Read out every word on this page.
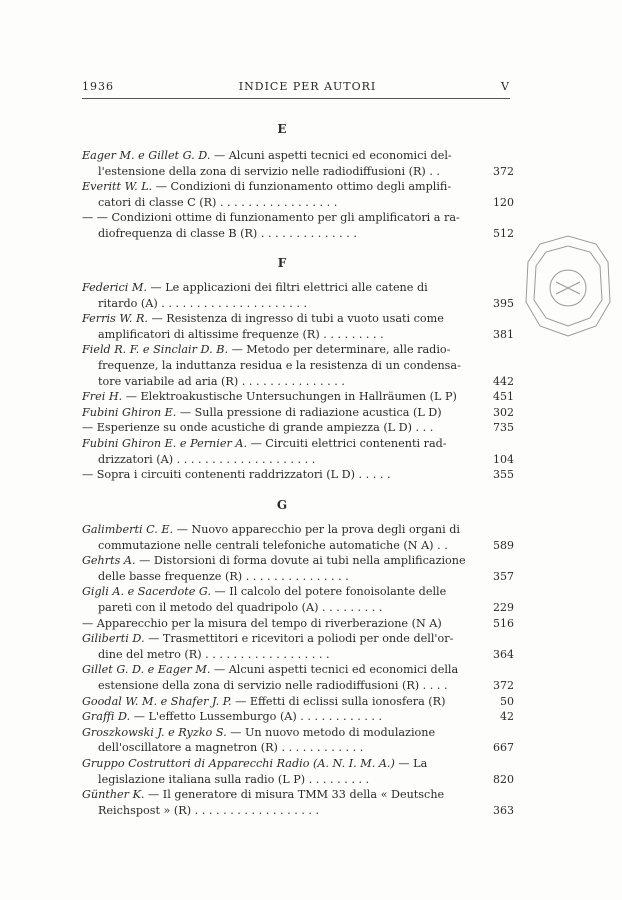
1936	INDICE PER AUTORI	V
E
Eager M. e Gillet G. D. — Alcuni aspetti tecnici ed economici del-
l'estensione della zona di servizio nelle radiodiffusioni (R) . .	372
Everitt W. L. — Condizioni di funzionamento ottimo degli amplifi-
catori di classe C (R) . . . . . . . . . . . . . . . . .	120
— — Condizioni ottime di funzionamento per gli amplificatori a ra-
diofrequenza di classe B (R) . . . . . . . . . . . . . .	512
F
Federici M. — Le applicazioni dei filtri elettrici alle catene di
ritardo (A) . . . . . . . . . . . . . . . . . . . . .	395
Ferris W. R. — Resistenza di ingresso di tubi a vuoto usati come
amplificatori di altissime frequenze (R) . . . . . . . . .	381
Field R. F. e Sinclair D. B. — Metodo per determinare, alle radio-
frequenze, la induttanza residua e la resistenza di un condensa-
tore variabile ad aria (R) . . . . . . . . . . . . . . .	442
Frei H. — Elektroakustische Untersuchungen in Hallräumen (L P)	451
Fubini Ghiron E. — Sulla pressione di radiazione acustica (L D)	302
— Esperienze su onde acustiche di grande ampiezza (L D) . . .	735
Fubini Ghiron E. e Pernier A. — Circuiti elettrici contenenti rad-
drizzatori (A) . . . . . . . . . . . . . . . . . . . .	104
— Sopra i circuiti contenenti raddrizzatori (L D) . . . . .	355
G
Galimberti C. E. — Nuovo apparecchio per la prova degli organi di
commutazione nelle centrali telefoniche automatiche (N A) . .	589
Gehrts A. — Distorsioni di forma dovute ai tubi nella amplificazione
delle basse frequenze (R) . . . . . . . . . . . . . . .	357
Gigli A. e Sacerdote G. — Il calcolo del potere fonoisolante delle
pareti con il metodo del quadripolo (A) . . . . . . . . .	229
— Apparecchio per la misura del tempo di riverberazione (N A)	516
Giliberti D. — Trasmettitori e ricevitori a poliodi per onde dell'or-
dine del metro (R) . . . . . . . . . . . . . . . . . .	364
Gillet G. D. e Eager M. — Alcuni aspetti tecnici ed economici della
estensione della zona di servizio nelle radiodiffusioni (R) . . . .	372
Goodal W. M. e Shafer J. P. — Effetti di eclissi sulla ionosfera (R)	50
Graffi D. — L'effetto Lussemburgo (A) . . . . . . . . . . . .	42
Groszkowski J. e Ryzko S. — Un nuovo metodo di modulazione
dell'oscillatore a magnetron (R) . . . . . . . . . . . .	667
Gruppo Costruttori di Apparecchi Radio (A. N. I. M. A.) — La
legislazione italiana sulla radio (L P) . . . . . . . . .	820
Günther K. — Il generatore di misura TMM 33 della « Deutsche
Reichspost » (R) . . . . . . . . . . . . . . . . . .	363
